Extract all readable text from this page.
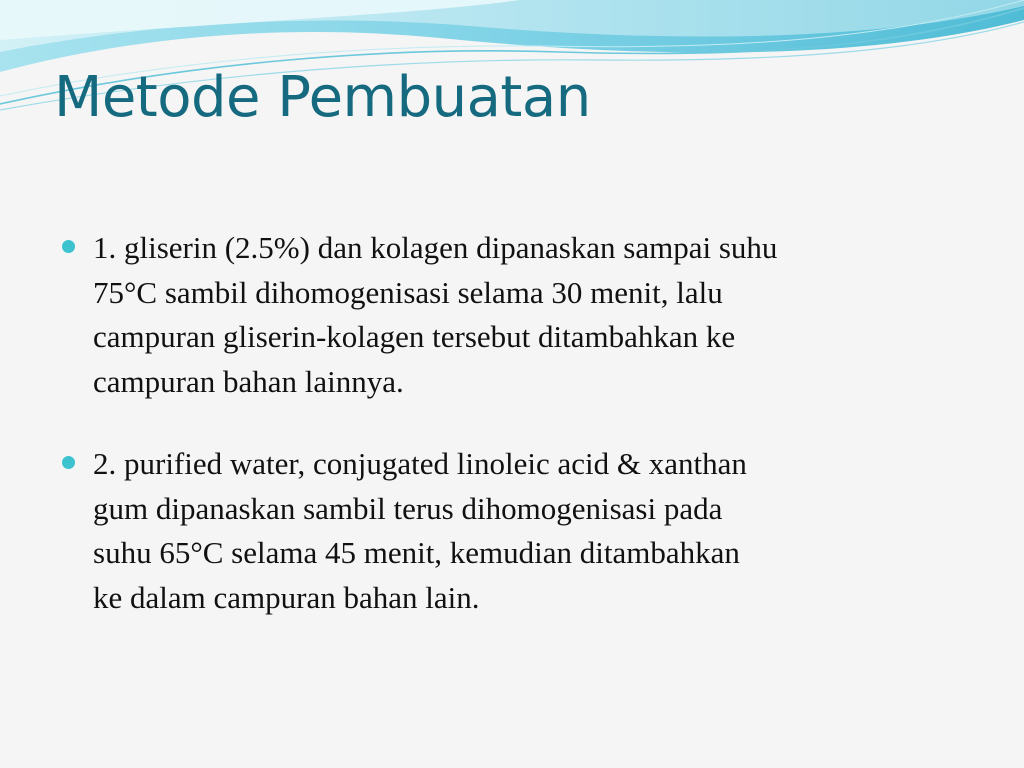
Metode Pembuatan
1. gliserin (2.5%) dan kolagen dipanaskan sampai suhu
75°C sambil dihomogenisasi selama 30 menit, lalu
campuran gliserin-kolagen tersebut ditambahkan ke
campuran bahan lainnya.
2. purified water, conjugated linoleic acid & xanthan
gum dipanaskan sambil terus dihomogenisasi pada
suhu 65°C selama 45 menit, kemudian ditambahkan
ke dalam campuran bahan lain.
